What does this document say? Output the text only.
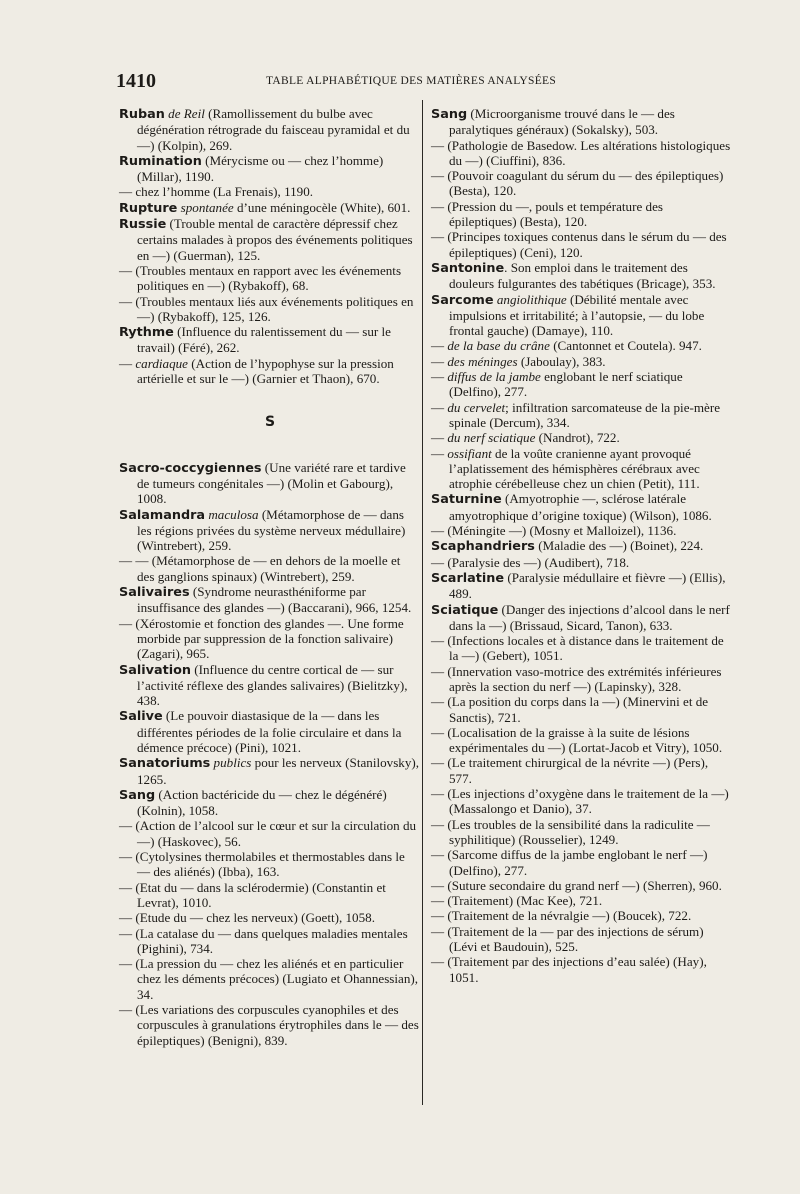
1410	TABLE ALPHABÉTIQUE DES MATIÈRES ANALYSÉES

Ruban de Reil (Ramollissement du bulbe avec dégénération rétrograde du faisceau pyramidal et du —) (Kolpin), 269.

Rumination (Mérycisme ou — chez l’homme) (Millar), 1190.

— chez l’homme (La Frenais), 1190.

Rupture spontanée d’une méningocèle (White), 601.

Russie (Trouble mental de caractère dépressif chez certains malades à propos des événements politiques en —) (Guerman), 125.

— (Troubles mentaux en rapport avec les événements politiques en —) (Rybakoff), 68.

— (Troubles mentaux liés aux événements politiques en —) (Rybakoff), 125, 126.

Rythme (Influence du ralentissement du — sur le travail) (Féré), 262.

— cardiaque (Action de l’hypophyse sur la pression artérielle et sur le —) (Garnier et Thaon), 670.

S

Sacro-coccygiennes (Une variété rare et tardive de tumeurs congénitales —) (Molin et Gabourg), 1008.

Salamandra maculosa (Métamorphose de — dans les régions privées du système nerveux médullaire) (Wintrebert), 259.

— — (Métamorphose de — en dehors de la moelle et des ganglions spinaux) (Wintrebert), 259.

Salivaires (Syndrome neurasthéniforme par insuffisance des glandes —) (Baccarani), 966, 1254.

— (Xérostomie et fonction des glandes —. Une forme morbide par suppression de la fonction salivaire) (Zagari), 965.

Salivation (Influence du centre cortical de — sur l’activité réflexe des glandes salivaires) (Bielitzky), 438.

Salive (Le pouvoir diastasique de la — dans les différentes périodes de la folie circulaire et dans la démence précoce) (Pini), 1021.

Sanatoriums publics pour les nerveux (Stanilovsky), 1265.

Sang (Action bactéricide du — chez le dégénéré) (Kolnin), 1058.

— (Action de l’alcool sur le cœur et sur la circulation du —) (Haskovec), 56.

— (Cytolysines thermolabiles et thermostables dans le — des aliénés) (Ibba), 163.

— (Etat du — dans la sclérodermie) (Constantin et Levrat), 1010.

— (Etude du — chez les nerveux) (Goett), 1058.

— (La catalase du — dans quelques maladies mentales (Pighini), 734.

— (La pression du — chez les aliénés et en particulier chez les déments précoces) (Lugiato et Ohannessian), 34.

— (Les variations des corpuscules cyanophiles et des corpuscules à granulations érytrophiles dans le — des épileptiques) (Benigni), 839.

Sang (Microorganisme trouvé dans le — des paralytiques généraux) (Sokalsky), 503.

— (Pathologie de Basedow. Les altérations histologiques du —) (Ciuffini), 836.

— (Pouvoir coagulant du sérum du — des épileptiques) (Besta), 120.

— (Pression du —, pouls et température des épileptiques) (Besta), 120.

— (Principes toxiques contenus dans le sérum du — des épileptiques) (Ceni), 120.

Santonine. Son emploi dans le traitement des douleurs fulgurantes des tabétiques (Bricage), 353.

Sarcome angiolithique (Débilité mentale avec impulsions et irritabilité; à l’autopsie, — du lobe frontal gauche) (Damaye), 110.

— de la base du crâne (Cantonnet et Coutela). 947.

— des méninges (Jaboulay), 383.

— diffus de la jambe englobant le nerf sciatique (Delfino), 277.

— du cervelet; infiltration sarcomateuse de la pie-mère spinale (Dercum), 334.

— du nerf sciatique (Nandrot), 722.

— ossifiant de la voûte cranienne ayant provoqué l’aplatissement des hémisphères cérébraux avec atrophie cérébelleuse chez un chien (Petit), 111.

Saturnine (Amyotrophie —, sclérose latérale amyotrophique d’origine toxique) (Wilson), 1086.

— (Méningite —) (Mosny et Malloizel), 1136.

Scaphandriers (Maladie des —) (Boinet), 224.

— (Paralysie des —) (Audibert), 718.

Scarlatine (Paralysie médullaire et fièvre —) (Ellis), 489.

Sciatique (Danger des injections d’alcool dans le nerf dans la —) (Brissaud, Sicard, Tanon), 633.

— (Infections locales et à distance dans le traitement de la —) (Gebert), 1051.

— (Innervation vaso-motrice des extrémités inférieures après la section du nerf —) (Lapinsky), 328.

— (La position du corps dans la —) (Minervini et de Sanctis), 721.

— (Localisation de la graisse à la suite de lésions expérimentales du —) (Lortat-Jacob et Vitry), 1050.

— (Le traitement chirurgical de la névrite —) (Pers), 577.

— (Les injections d’oxygène dans le traitement de la —) (Massalongo et Danio), 37.

— (Les troubles de la sensibilité dans la radiculite — syphilitique) (Rousselier), 1249.

— (Sarcome diffus de la jambe englobant le nerf —) (Delfino), 277.

— (Suture secondaire du grand nerf —) (Sherren), 960.

— (Traitement) (Mac Kee), 721.

— (Traitement de la névralgie —) (Boucek), 722.

— (Traitement de la — par des injections de sérum) (Lévi et Baudouin), 525.

— (Traitement par des injections d’eau salée) (Hay), 1051.
